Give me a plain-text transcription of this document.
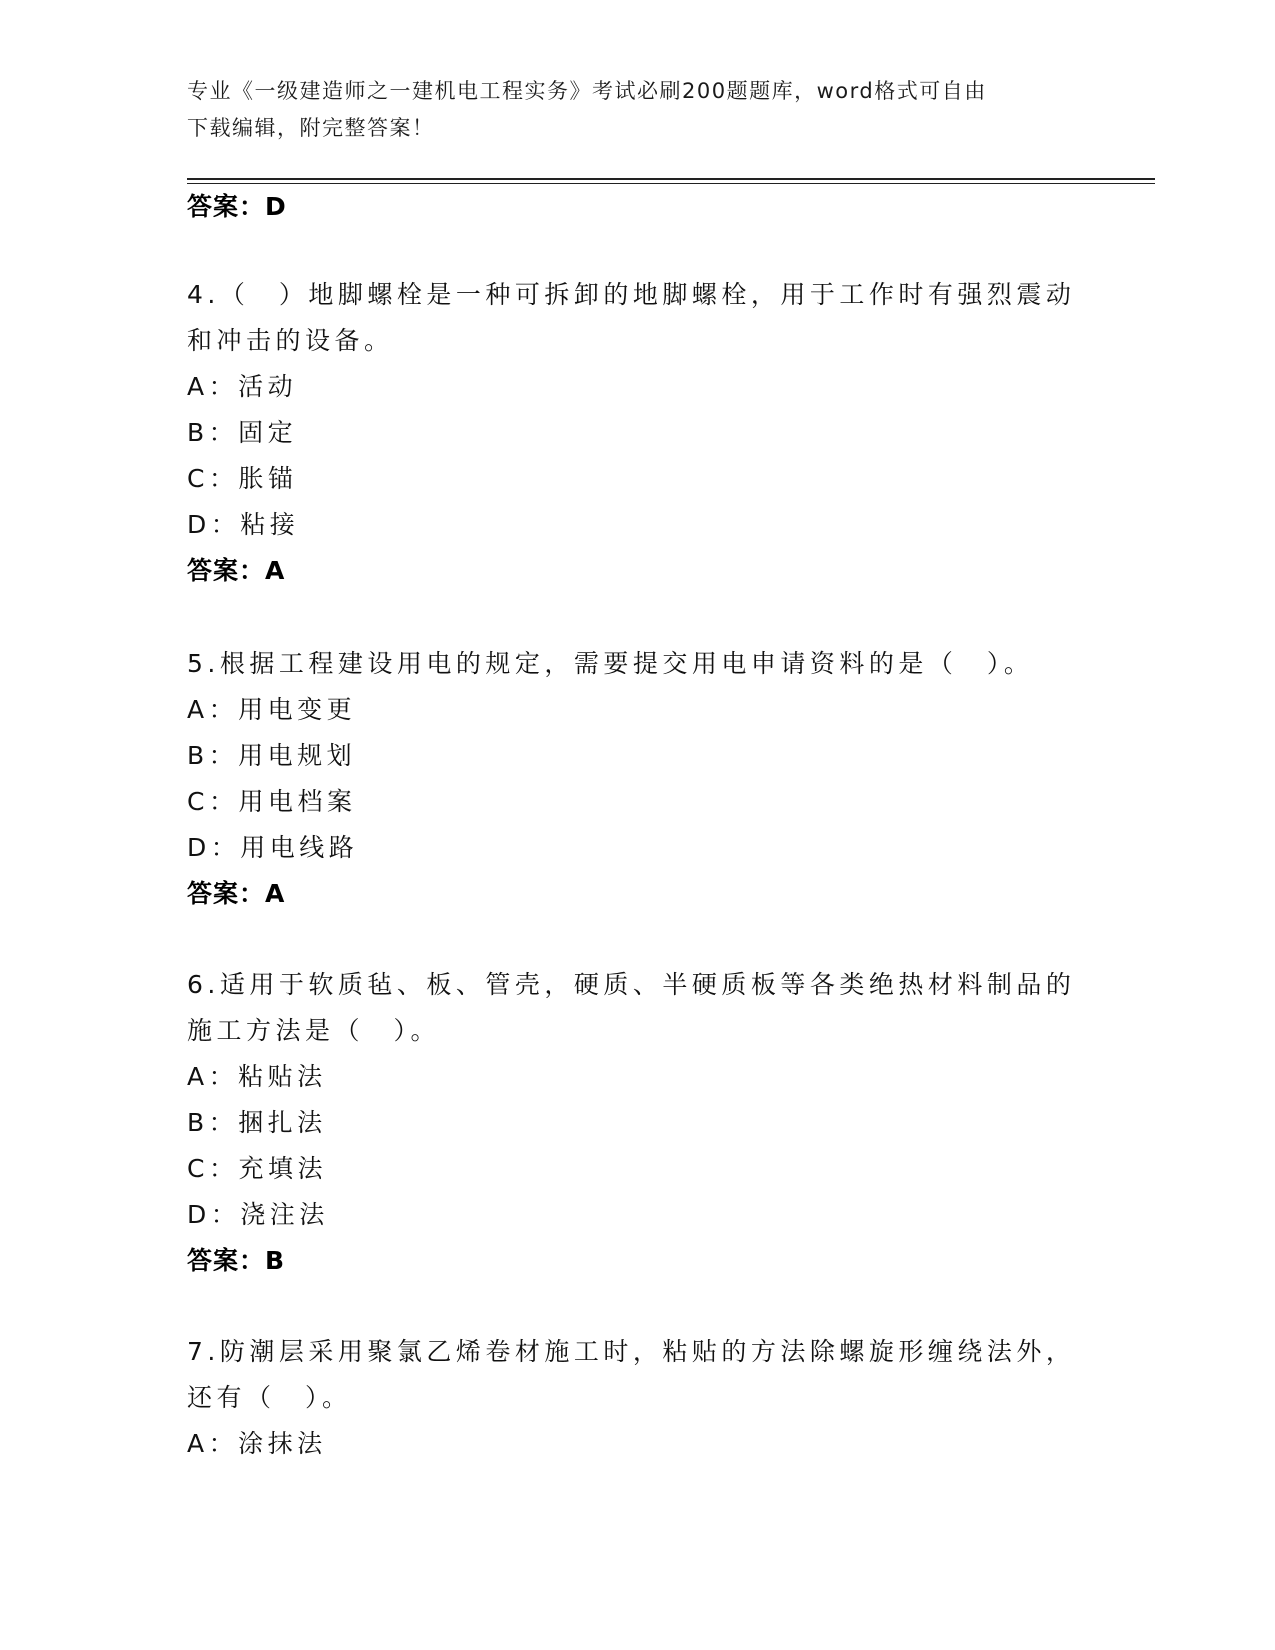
专业《一级建造师之一建机电工程实务》考试必刷200题题库，word格式可自由
下载编辑，附完整答案！
答案：D
4.（　）地脚螺栓是一种可拆卸的地脚螺栓，用于工作时有强烈震动
和冲击的设备。
A：活动
B：固定
C：胀锚
D：粘接
答案：A
5.根据工程建设用电的规定，需要提交用电申请资料的是（　）。
A：用电变更
B：用电规划
C：用电档案
D：用电线路
答案：A
6.适用于软质毡、板、管壳，硬质、半硬质板等各类绝热材料制品的
施工方法是（　）。
A：粘贴法
B：捆扎法
C：充填法
D：浇注法
答案：B
7.防潮层采用聚氯乙烯卷材施工时，粘贴的方法除螺旋形缠绕法外，
还有（　）。
A：涂抹法
